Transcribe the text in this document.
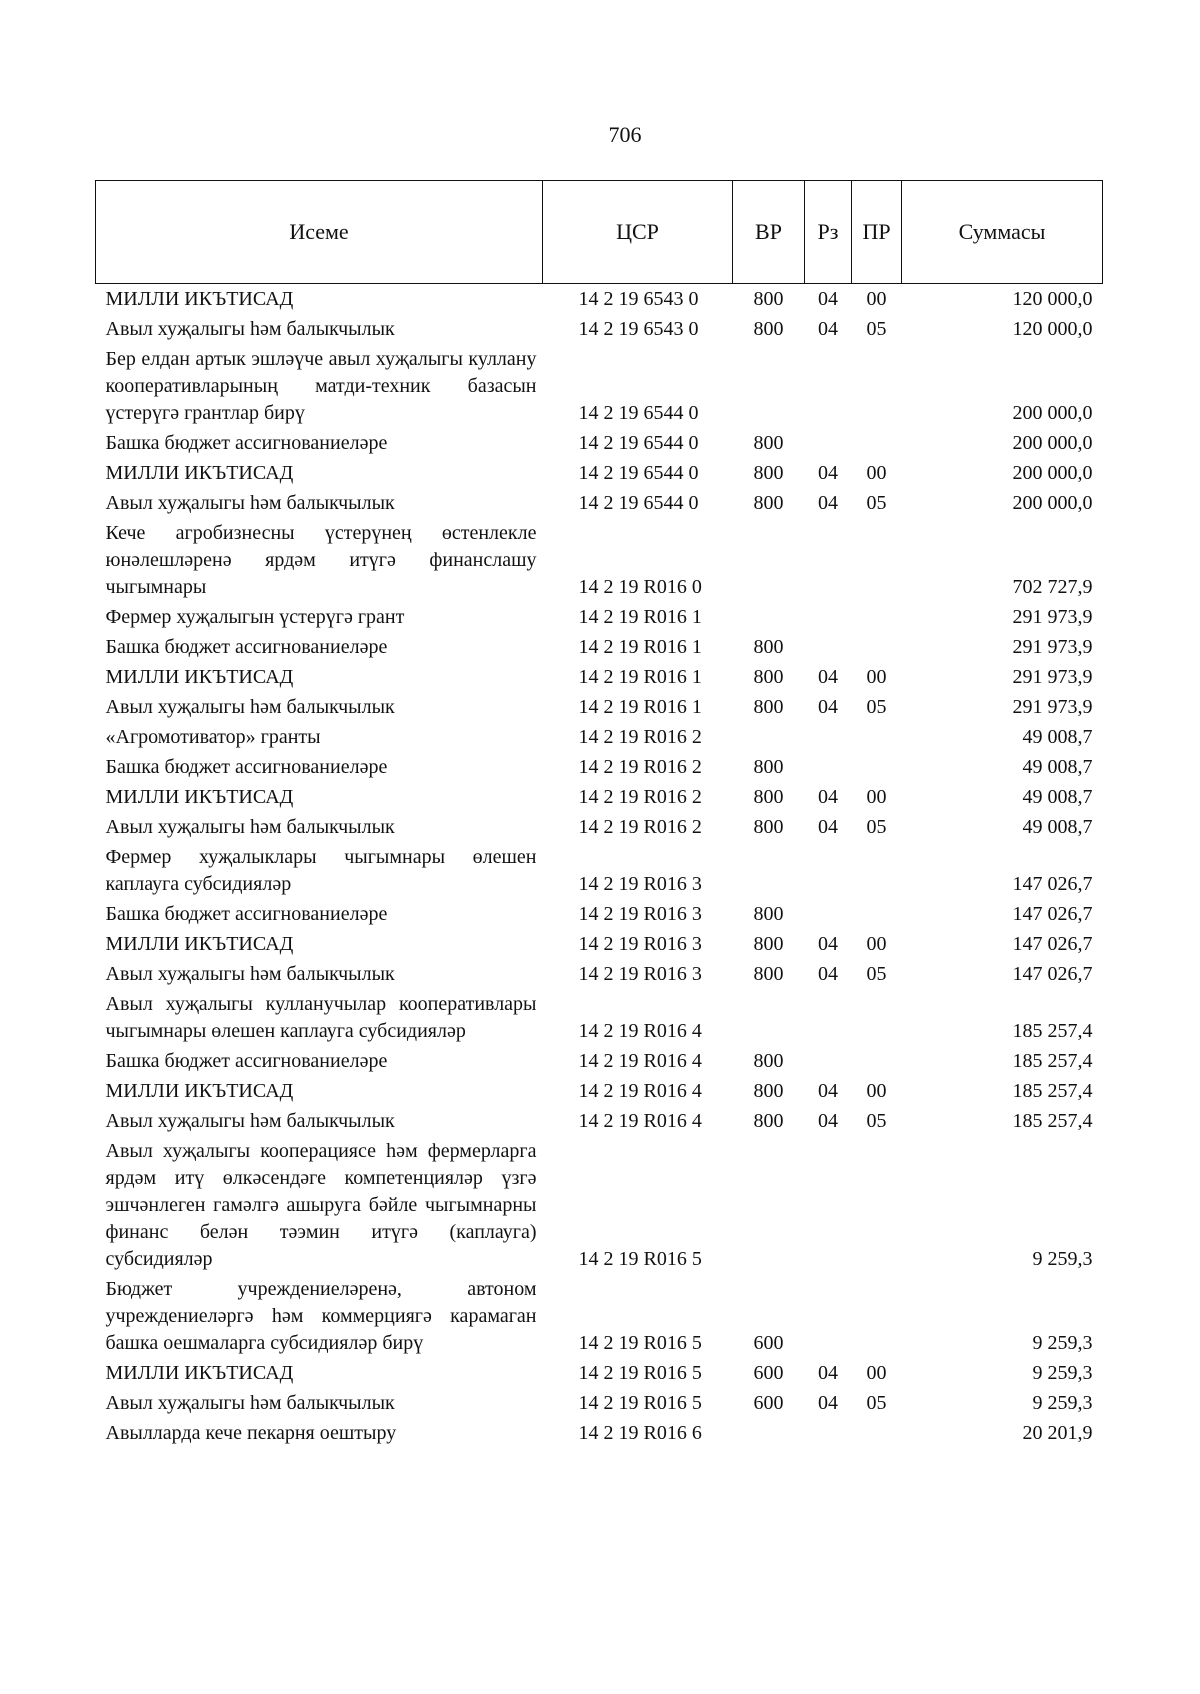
706
Исеме	ЦСР	ВР	Рз	ПР	Суммасы

МИЛЛИ ИКЪТИСАД	14 2 19 6543 0	800	04	00	120 000,0

Авыл хуҗалыгы һәм балыкчылык	14 2 19 6543 0	800	04	05	120 000,0

Бер елдан артык эшләүче авыл хуҗалыгы куллану кооперативларының матди-техник базасын үстерүгә грантлар бирү	14 2 19 6544 0				200 000,0

Башка бюджет ассигнованиеләре	14 2 19 6544 0	800			200 000,0

МИЛЛИ ИКЪТИСАД	14 2 19 6544 0	800	04	00	200 000,0

Авыл хуҗалыгы һәм балыкчылык	14 2 19 6544 0	800	04	05	200 000,0

Кече агробизнесны үстерүнең өстенлекле юнәлешләренә ярдәм итүгә финанслашу чыгымнары	14 2 19 R016 0				702 727,9

Фермер хуҗалыгын үстерүгә грант	14 2 19 R016 1				291 973,9

Башка бюджет ассигнованиеләре	14 2 19 R016 1	800			291 973,9

МИЛЛИ ИКЪТИСАД	14 2 19 R016 1	800	04	00	291 973,9

Авыл хуҗалыгы һәм балыкчылык	14 2 19 R016 1	800	04	05	291 973,9

«Агромотиватор» гранты	14 2 19 R016 2				49 008,7

Башка бюджет ассигнованиеләре	14 2 19 R016 2	800			49 008,7

МИЛЛИ ИКЪТИСАД	14 2 19 R016 2	800	04	00	49 008,7

Авыл хуҗалыгы һәм балыкчылык	14 2 19 R016 2	800	04	05	49 008,7

Фермер хуҗалыклары чыгымнары өлешен каплауга субсидияләр	14 2 19 R016 3				147 026,7

Башка бюджет ассигнованиеләре	14 2 19 R016 3	800			147 026,7

МИЛЛИ ИКЪТИСАД	14 2 19 R016 3	800	04	00	147 026,7

Авыл хуҗалыгы һәм балыкчылык	14 2 19 R016 3	800	04	05	147 026,7

Авыл хуҗалыгы кулланучылар кооперативлары чыгымнары өлешен каплауга субсидияләр	14 2 19 R016 4				185 257,4

Башка бюджет ассигнованиеләре	14 2 19 R016 4	800			185 257,4

МИЛЛИ ИКЪТИСАД	14 2 19 R016 4	800	04	00	185 257,4

Авыл хуҗалыгы һәм балыкчылык	14 2 19 R016 4	800	04	05	185 257,4

Авыл хуҗалыгы кооперациясе һәм фермерларга ярдәм итү өлкәсендәге компетенцияләр үзгә эшчәнлеген гамәлгә ашыруга бәйле чыгымнарны финанс белән тәэмин итүгә (каплауга) субсидияләр	14 2 19 R016 5				9 259,3

Бюджет учреждениеләренә, автоном учреждениеләргә һәм коммерциягә карамаган башка оешмаларга субсидияләр бирү	14 2 19 R016 5	600			9 259,3

МИЛЛИ ИКЪТИСАД	14 2 19 R016 5	600	04	00	9 259,3

Авыл хуҗалыгы һәм балыкчылык	14 2 19 R016 5	600	04	05	9 259,3

Авылларда кече пекарня оештыру	14 2 19 R016 6				20 201,9
